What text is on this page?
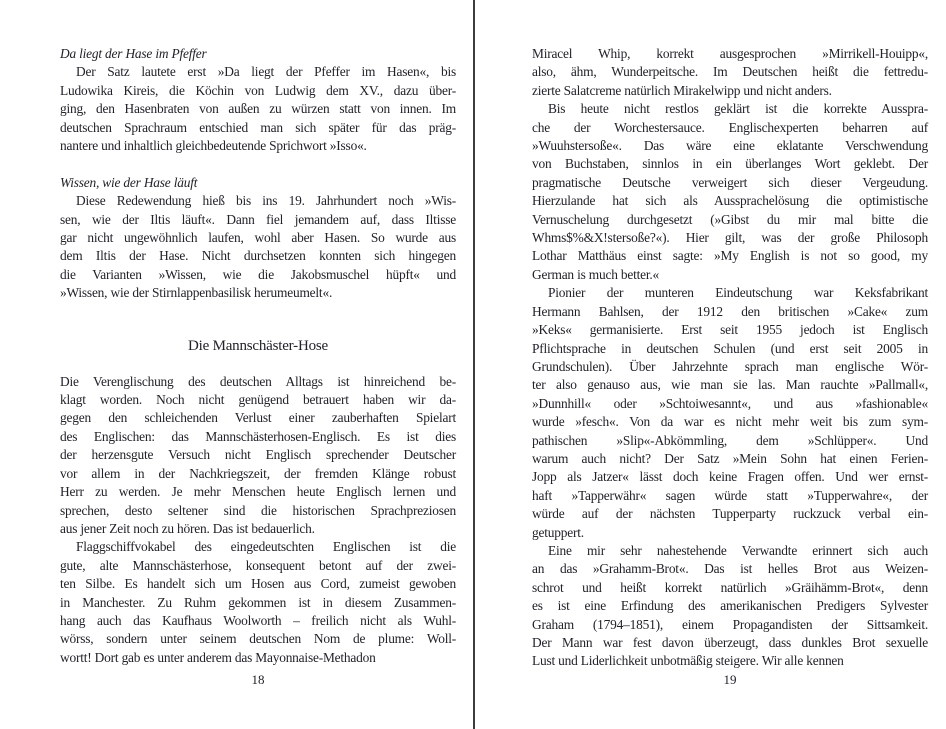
Da liegt der Hase im Pfeffer
Der Satz lautete erst »Da liegt der Pfeffer im Hasen«, bis
Ludowika Kireis, die Köchin von Ludwig dem XV., dazu über-
ging, den Hasenbraten von außen zu würzen statt von innen. Im
deutschen Sprachraum entschied man sich später für das präg-
nantere und inhaltlich gleichbedeutende Sprichwort »Isso«.
Wissen, wie der Hase läuft
Diese Redewendung hieß bis ins 19. Jahrhundert noch »Wis-
sen, wie der Iltis läuft«. Dann fiel jemandem auf, dass Iltisse
gar nicht ungewöhnlich laufen, wohl aber Hasen. So wurde aus
dem Iltis der Hase. Nicht durchsetzen konnten sich hingegen
die Varianten »Wissen, wie die Jakobsmuschel hüpft« und
»Wissen, wie der Stirnlappenbasilisk herumeumelt«.
Die Mannschäster-Hose
Die Verenglischung des deutschen Alltags ist hinreichend be-
klagt worden. Noch nicht genügend betrauert haben wir da-
gegen den schleichenden Verlust einer zauberhaften Spielart
des Englischen: das Mannschästerhosen-Englisch. Es ist dies
der herzensgute Versuch nicht Englisch sprechender Deutscher
vor allem in der Nachkriegszeit, der fremden Klänge robust
Herr zu werden. Je mehr Menschen heute Englisch lernen und
sprechen, desto seltener sind die historischen Sprachpreziosen
aus jener Zeit noch zu hören. Das ist bedauerlich.
Flaggschiffvokabel des eingedeutschten Englischen ist die
gute, alte Mannschästerhose, konsequent betont auf der zwei-
ten Silbe. Es handelt sich um Hosen aus Cord, zumeist gewoben
in Manchester. Zu Ruhm gekommen ist in diesem Zusammen-
hang auch das Kaufhaus Woolworth – freilich nicht als Wuhl-
wörss, sondern unter seinem deutschen Nom de plume: Woll-
wortt! Dort gab es unter anderem das Mayonnaise-Methadon
18
Miracel Whip, korrekt ausgesprochen »Mirrikell-Houipp«,
also, ähm, Wunderpeitsche. Im Deutschen heißt die fettredu-
zierte Salatcreme natürlich Mirakelwipp und nicht anders.
Bis heute nicht restlos geklärt ist die korrekte Ausspra-
che der Worchestersauce. Englischexperten beharren auf
»Wuuhstersoße«. Das wäre eine eklatante Verschwendung
von Buchstaben, sinnlos in ein überlanges Wort geklebt. Der
pragmatische Deutsche verweigert sich dieser Vergeudung.
Hierzulande hat sich als Aussprachelösung die optimistische
Vernuschelung durchgesetzt (»Gibst du mir mal bitte die
Whms$%&X!stersoße?«). Hier gilt, was der große Philosoph
Lothar Matthäus einst sagte: »My English is not so good, my
German is much better.«
Pionier der munteren Eindeutschung war Keksfabrikant
Hermann Bahlsen, der 1912 den britischen »Cake« zum
»Keks« germanisierte. Erst seit 1955 jedoch ist Englisch
Pflichtsprache in deutschen Schulen (und erst seit 2005 in
Grundschulen). Über Jahrzehnte sprach man englische Wör-
ter also genauso aus, wie man sie las. Man rauchte »Pallmall«,
»Dunnhill« oder »Schtoiwesannt«, und aus »fashionable«
wurde »fesch«. Von da war es nicht mehr weit bis zum sym-
pathischen »Slip«-Abkömmling, dem »Schlüpper«. Und
warum auch nicht? Der Satz »Mein Sohn hat einen Ferien-
Jopp als Jatzer« lässt doch keine Fragen offen. Und wer ernst-
haft »Tapperwähr« sagen würde statt »Tupperwahre«, der
würde auf der nächsten Tupperparty ruckzuck verbal ein-
getuppert.
Eine mir sehr nahestehende Verwandte erinnert sich auch
an das »Grahamm-Brot«. Das ist helles Brot aus Weizen-
schrot und heißt korrekt natürlich »Gräihämm-Brot«, denn
es ist eine Erfindung des amerikanischen Predigers Sylvester
Graham (1794–1851), einem Propagandisten der Sittsamkeit.
Der Mann war fest davon überzeugt, dass dunkles Brot sexuelle
Lust und Liderlichkeit unbotmäßig steigere. Wir alle kennen
19
